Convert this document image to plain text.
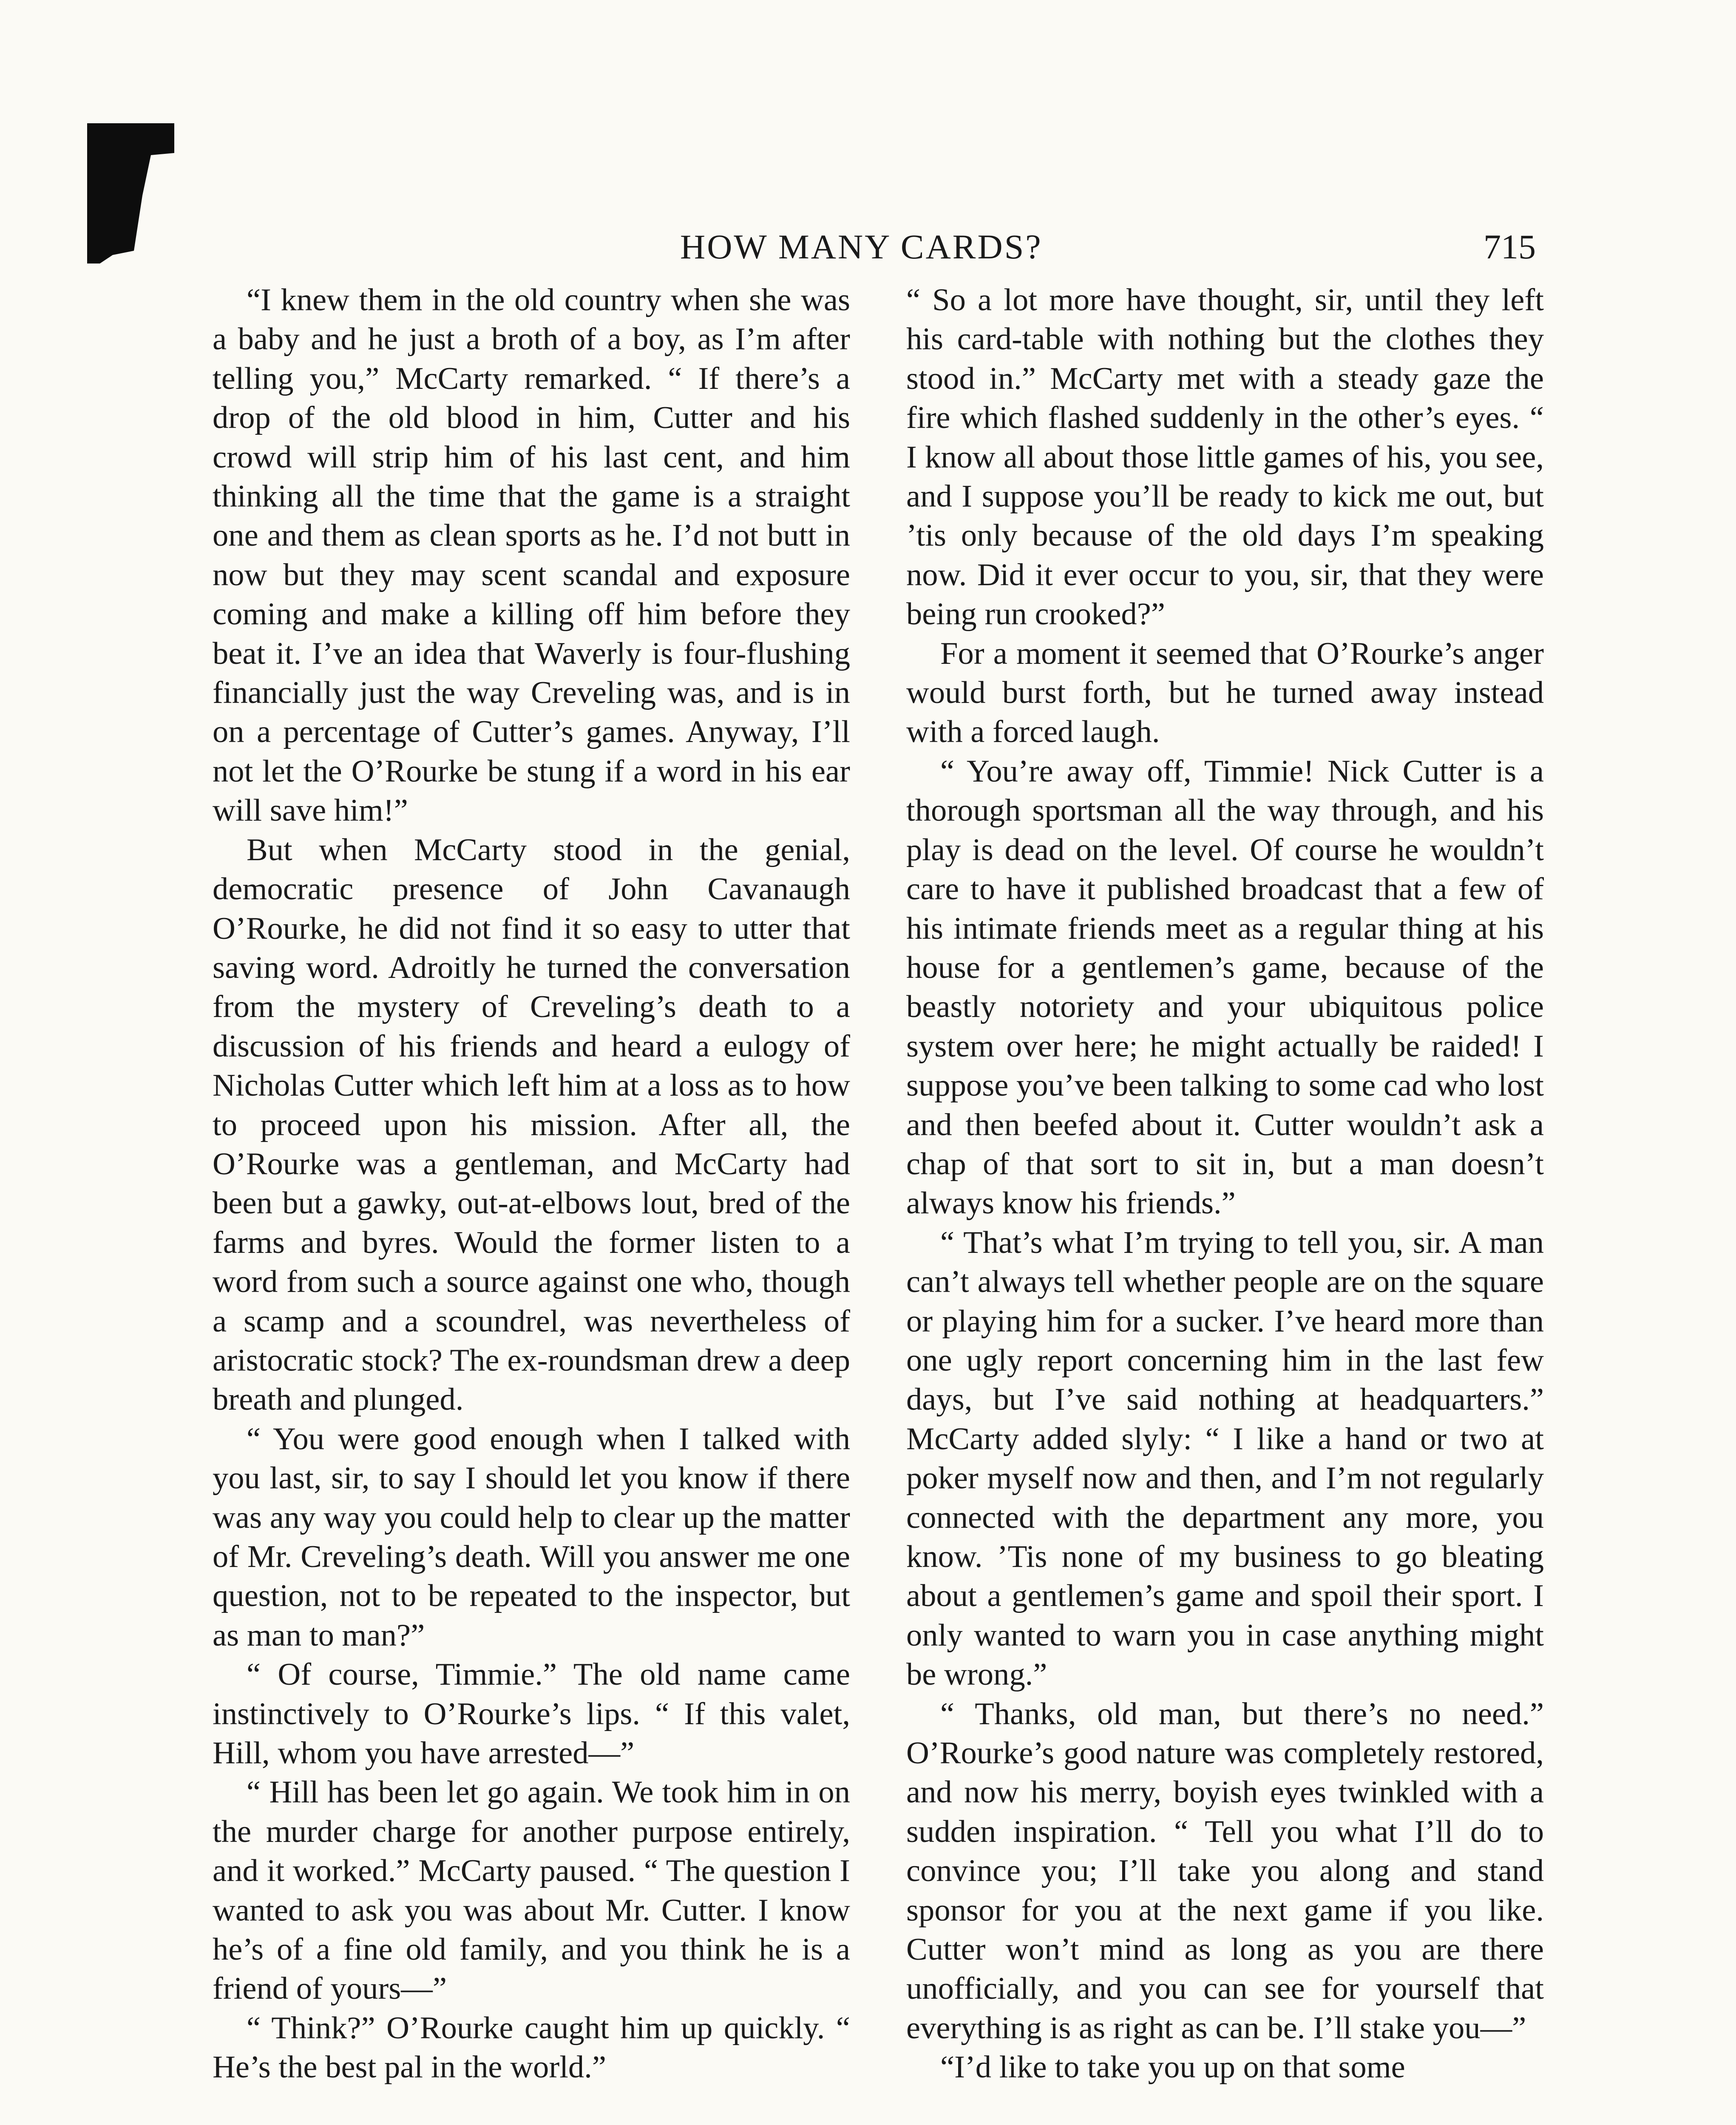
HOW MANY CARDS?	715

“I knew them in the old country when she was a baby and he just a broth of a boy, as I’m after telling you,” McCarty remarked. “ If there’s a drop of the old blood in him, Cutter and his crowd will strip him of his last cent, and him thinking all the time that the game is a straight one and them as clean sports as he. I’d not butt in now but they may scent scandal and exposure coming and make a killing off him before they beat it. I’ve an idea that Waverly is four-flushing financially just the way Creveling was, and is in on a percentage of Cutter’s games. Anyway, I’ll not let the O’Rourke be stung if a word in his ear will save him!”

But when McCarty stood in the genial, democratic presence of John Cavanaugh O’Rourke, he did not find it so easy to utter that saving word. Adroitly he turned the conversation from the mystery of Creveling’s death to a discussion of his friends and heard a eulogy of Nicholas Cutter which left him at a loss as to how to proceed upon his mission. After all, the O’Rourke was a gentleman, and McCarty had been but a gawky, out-at-elbows lout, bred of the farms and byres. Would the former listen to a word from such a source against one who, though a scamp and a scoundrel, was nevertheless of aristocratic stock? The ex-roundsman drew a deep breath and plunged.

“ You were good enough when I talked with you last, sir, to say I should let you know if there was any way you could help to clear up the matter of Mr. Creveling’s death. Will you answer me one question, not to be repeated to the inspector, but as man to man?”

“ Of course, Timmie.” The old name came instinctively to O’Rourke’s lips. “ If this valet, Hill, whom you have arrested—”

“ Hill has been let go again. We took him in on the murder charge for another purpose entirely, and it worked.” McCarty paused. “ The question I wanted to ask you was about Mr. Cutter. I know he’s of a fine old family, and you think he is a friend of yours—”

“ Think?” O’Rourke caught him up quickly. “ He’s the best pal in the world.”

“ So a lot more have thought, sir, until they left his card-table with nothing but the clothes they stood in.” McCarty met with a steady gaze the fire which flashed suddenly in the other’s eyes. “ I know all about those little games of his, you see, and I suppose you’ll be ready to kick me out, but ’tis only because of the old days I’m speaking now. Did it ever occur to you, sir, that they were being run crooked?”

For a moment it seemed that O’Rourke’s anger would burst forth, but he turned away instead with a forced laugh.

“ You’re away off, Timmie! Nick Cutter is a thorough sportsman all the way through, and his play is dead on the level. Of course he wouldn’t care to have it published broadcast that a few of his intimate friends meet as a regular thing at his house for a gentlemen’s game, because of the beastly notoriety and your ubiquitous police system over here; he might actually be raided! I suppose you’ve been talking to some cad who lost and then beefed about it. Cutter wouldn’t ask a chap of that sort to sit in, but a man doesn’t always know his friends.”

“ That’s what I’m trying to tell you, sir. A man can’t always tell whether people are on the square or playing him for a sucker. I’ve heard more than one ugly report concerning him in the last few days, but I’ve said nothing at headquarters.” McCarty added slyly: “ I like a hand or two at poker myself now and then, and I’m not regularly connected with the department any more, you know. ’Tis none of my business to go bleating about a gentlemen’s game and spoil their sport. I only wanted to warn you in case anything might be wrong.”

“ Thanks, old man, but there’s no need.” O’Rourke’s good nature was completely restored, and now his merry, boyish eyes twinkled with a sudden inspiration. “ Tell you what I’ll do to convince you; I’ll take you along and stand sponsor for you at the next game if you like. Cutter won’t mind as long as you are there unofficially, and you can see for yourself that everything is as right as can be. I’ll stake you—”

“I’d like to take you up on that some
